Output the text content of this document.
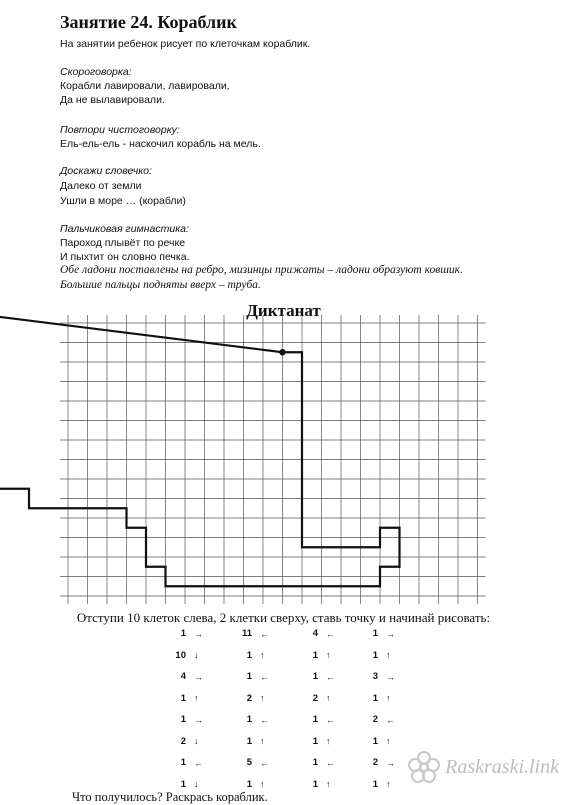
Занятие 24. Кораблик
На занятии ребенок рисует по клеточкам кораблик.
Скороговорка:
Корабли лавировали, лавировали,
Да не вылавировали.
Повтори чистоговорку:
Ель-ель-ель - наскочил корабль на мель.
Доскажи словечко:
Далеко от земли
Ушли в море … (корабли)
Пальчиковая гимнастика:
Пароход плывёт по речке
И пыхтит он словно печка.
Обе ладони поставлены на ребро, мизинцы прижаты – ладони образуют ковшик.
Большие пальцы подняты вверх – труба.
Диктанат
Отступи 10 клеток слева, 2 клетки сверху, ставь точку и начинай рисовать:
1 →
10 ↓
4 →
1 ↑
1 →
2 ↓
1 ←
1 ↓
11 ←
1 ↑
1 ←
2 ↑
1 ←
1 ↑
5 ←
1 ↑
4 ←
1 ↑
1 ←
2 ↑
1 ←
1 ↑
1 ←
1 ↑
1 →
1 ↑
3 →
1 ↑
2 ←
1 ↑
2 →
1 ↑
Что получилось? Раскрась кораблик.
Raskraski.link
